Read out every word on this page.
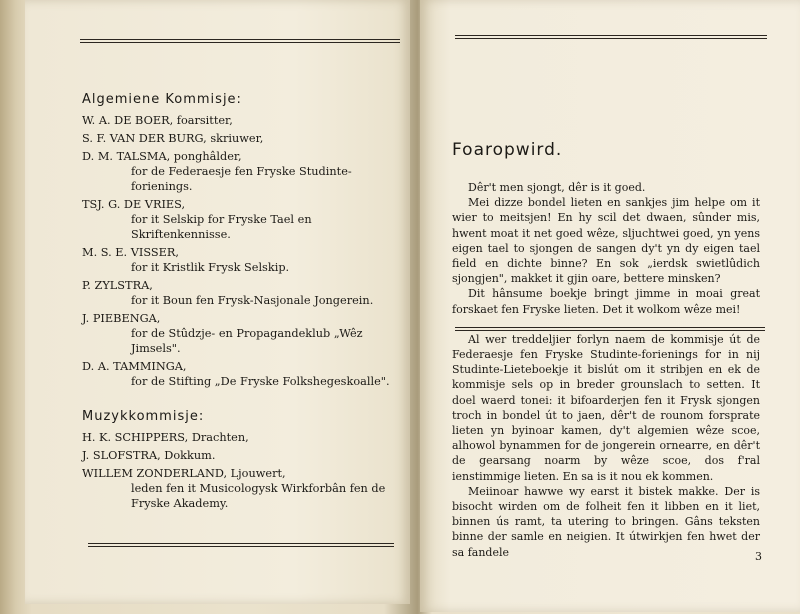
Algemiene Kommisje:
W. A. DE BOER, foarsitter,
S. F. VAN DER BURG, skriuwer,
D. M. TALSMA, ponghâlder,
for de Federaesje fen Fryske Studinte-forienings.
TSJ. G. DE VRIES,
for it Selskip for Fryske Tael en Skriftenkennisse.
M. S. E. VISSER,
for it Kristlik Frysk Selskip.
P. ZYLSTRA,
for it Boun fen Frysk-Nasjonale Jongerein.
J. PIEBENGA,
for de Stûdzje- en Propagandeklub „Wêz Jimsels".
D. A. TAMMINGA,
for de Stifting „De Fryske Folkshegeskoalle".
Muzykkommisje:
H. K. SCHIPPERS, Drachten,
J. SLOFSTRA, Dokkum.
WILLEM ZONDERLAND, Ljouwert,
leden fen it Musicologysk Wirkforbân fen de Fryske Akademy.
Foaropwird.

Dêr't men sjongt, dêr is it goed.

Mei dizze bondel lieten en sankjes jim helpe om it wier to meitsjen! En hy scil det dwaen, sûnder mis, hwent moat it net goed wêze, sljuchtwei goed, yn yens eigen tael to sjongen de sangen dy't yn dy eigen tael field en dichte binne? En sok „ierdsk swietlûdich sjongjen", makket it gjin oare, bettere minsken?

Dit hânsume boekje bringt jimme in moai great forskaet fen Fryske lieten. Det it wolkom wêze mei!

Al wer treddeljier forlyn naem de kommisje út de Federaesje fen Fryske Studinte-forienings for in nij Studinte-Lieteboekje it bislút om it stribjen en ek de kommisje sels op in breder grounslach to setten. It doel waerd tonei: it bifoarderjen fen it Frysk sjongen troch in bondel út to jaen, dêr't de rounom forsprate lieten yn byinoar kamen, dy't algemien wêze scoe, alhowol bynammen for de jongerein ornearre, en dêr't de gearsang noarm by wêze scoe, dos f'ral ienstimmige lieten. En sa is it nou ek kommen.

Meiinoar hawwe wy earst it bistek makke. Der is bisocht wirden om de folheit fen it libben en it liet, binnen ús ramt, ta utering to bringen. Gâns teksten binne der samle en neigien. It útwirkjen fen hwet der sa fandele	3
